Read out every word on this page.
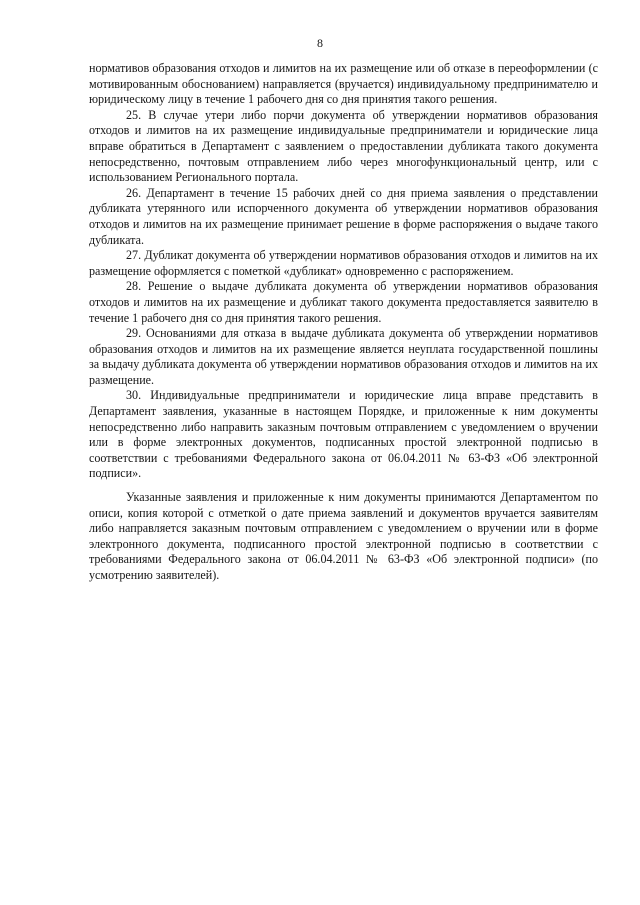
8

нормативов образования отходов и лимитов на их размещение или об отказе в переоформлении (с мотивированным обоснованием) направляется (вручается) индивидуальному предпринимателю и юридическому лицу в течение 1 рабочего дня со дня принятия такого решения.

25. В случае утери либо порчи документа об утверждении нормативов образования отходов и лимитов на их размещение индивидуальные предприниматели и юридические лица вправе обратиться в Департамент с заявлением о предоставлении дубликата такого документа непосредственно, почтовым отправлением либо через многофункциональный центр, или с использованием Регионального портала.

26. Департамент в течение 15 рабочих дней со дня приема заявления о представлении дубликата утерянного или испорченного документа об утверждении нормативов образования отходов и лимитов на их размещение принимает решение в форме распоряжения о выдаче такого дубликата.

27. Дубликат документа об утверждении нормативов образования отходов и лимитов на их размещение оформляется с пометкой «дубликат» одновременно с распоряжением.

28. Решение о выдаче дубликата документа об утверждении нормативов образования отходов и лимитов на их размещение и дубликат такого документа предоставляется заявителю в течение 1 рабочего дня со дня принятия такого решения.

29. Основаниями для отказа в выдаче дубликата документа об утверждении нормативов образования отходов и лимитов на их размещение является неуплата государственной пошлины за выдачу дубликата документа об утверждении нормативов образования отходов и лимитов на их размещение.

30. Индивидуальные предприниматели и юридические лица вправе представить в Департамент заявления, указанные в настоящем Порядке, и приложенные к ним документы непосредственно либо направить заказным почтовым отправлением с уведомлением о вручении или в форме электронных документов, подписанных простой электронной подписью в соответствии с требованиями Федерального закона от 06.04.2011 № 63-ФЗ «Об электронной подписи».

Указанные заявления и приложенные к ним документы принимаются Департаментом по описи, копия которой с отметкой о дате приема заявлений и документов вручается заявителям либо направляется заказным почтовым отправлением с уведомлением о вручении или в форме электронного документа, подписанного простой электронной подписью в соответствии с требованиями Федерального закона от 06.04.2011 № 63-ФЗ «Об электронной подписи» (по усмотрению заявителей).
